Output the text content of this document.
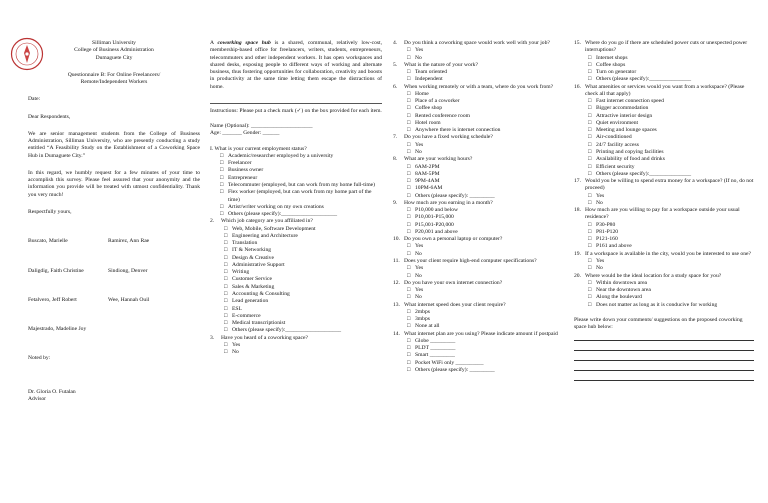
Silliman University
College of Business Administration
Dumaguete City
Questionnaire B: For Online Freelancers/
Remote/Independent Workers
Date:
Dear Respondents,

We are senior management students from the College of Business Administration, Silliman University, who are presently conducting a study entitled “A Feasibility Study on the Establishment of a Coworking Space Hub in Dumaguete City.”

In this regard, we humbly request for a few minutes of your time to accomplish this survey. Please feel assured that your anonymity and the information you provide will be treated with utmost confidentiality. Thank you very much!

Respectfully yours,
Buscato, Marielle	Ramirez, Ann Rae
Daligdig, Faith Christine	Sindiong, Denver
Fetalvero, Jeff Robert	Wee, Hannah Ouil
Majestrado, Madeline Joy
Noted by:
Dr. Gloria O. Futalan
Advisor

A coworking space hub is a shared, communal, relatively low-cost, membership-based office for freelancers, writers, students, entrepreneurs, telecommuters and other independent workers. It has open workspaces and shared desks, exposing people to different ways of working and alternate business, thus fostering opportunities for collaboration, creativity and boosts in productivity at the same time letting them escape the distractions of home.

Instructions: Please put a check mark (✓) on the box provided for each item.

Name (Optional): ______________________
Age: _______ Gender: ______
I. What is your current employment status?
□ Academic/researcher employed by a university
□ Freelancer
□ Business owner
□ Entrepreneur
□ Telecommuter (employed, but can work from my home full-time)
□ Flex worker (employed, but can work from my home part of the time)
□ Artist/writer working on my own creations
□ Others (please specify):____________________
2.	Which job category are you affiliated in?
□ Web, Mobile, Software Development
□ Engineering and Architecture
□ Translation
□ IT & Networking
□ Design & Creative
□ Administrative Support
□ Writing
□ Customer Service
□ Sales & Marketing
□ Accounting & Consulting
□ Lead generation
□ ESL
□ E-commerce
□ Medical transcriptionist
□ Others (please specify):____________________
3.	Have you heard of a coworking space?
□ Yes
□ No
4.	Do you think a coworking space would work well with your job?
□ Yes
□ No
5.	What is the nature of your work?
□ Team oriented
□ Independent
6.	When working remotely or with a team, where do you work from?
□ Home
□ Place of a coworker
□ Coffee shop
□ Rented conference room
□ Hotel room
□ Anywhere there is internet connection
7.	Do you have a fixed working schedule?
□ Yes
□ No
8.	What are your working hours?
□ 6AM-2PM
□ 8AM-5PM
□ 9PM-4AM
□ 10PM-6AM
□ Others (please specify): _________
9.	How much are you earning in a month?
□ P10,000 and below
□ P10,001-P15,000
□ P15,001-P20,000
□ P20,001 and above
10. Do you own a personal laptop or computer?
□ Yes
□ No
11. Does your client require high-end computer specifications?
□ Yes
□ No
12. Do you have your own internet connection?
□ Yes
□ No
13. What internet speed does your client require?
□ 2mbps
□ 3mbps
□ None at all
14. What internet plan are you using? Please indicate amount if postpaid
□ Globe _________
□ PLDT _________
□ Smart _________
□ Pocket WiFi only __________
□ Others (please specify): _________
15. Where do you go if there are scheduled power cuts or unexpected power interruptions?
□ Internet shops
□ Coffee shops
□ Turn on generator
□ Others (please specify):_______________
16. What amenities or services would you want from a workspace? (Please check all that apply)
□ Fast internet connection speed
□ Bigger accommodation
□ Attractive interior design
□ Quiet environment
□ Meeting and lounge spaces
□ Air-conditioned
□ 24/7 facility access
□ Printing and copying facilities
□ Availability of food and drinks
□ Efficient security
□ Others (please specify):_______________
17. Would you be willing to spend extra money for a workspace? (If no, do not proceed)
□ Yes
□ No
18. How much are you willing to pay for a workspace outside your usual residence?
□ P30-P80
□ P81-P120
□ P121-160
□ P161 and above
19. If a workspace is available in the city, would you be interested to use one?
□ Yes
□ No
20. Where would be the ideal location for a study space for you?
□ Within downtown area
□ Near the downtown area
□ Along the boulevard
□ Does not matter as long as it is conducive for working

Please write down your comments/ suggestions on the proposed coworking space hub below:
